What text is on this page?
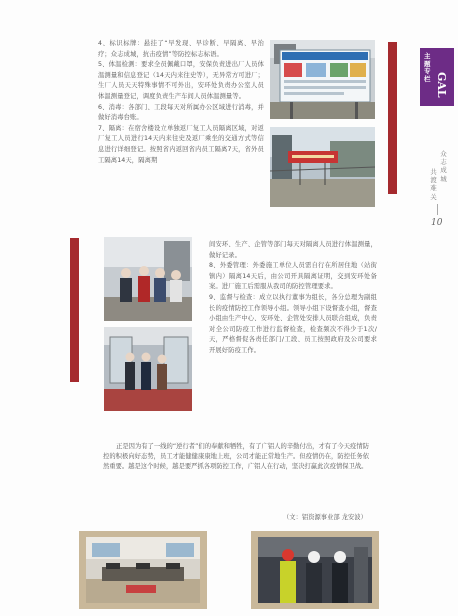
主题专栏 GAL
众志成城
共渡难关
10

4、标识标牌：悬挂了“早发现、早诊断、早隔离、早治疗；众志成城，抗击疫情”等防控标志标语。

5、体温检测：要求全员佩戴口罩，安保负责进出厂人员体温测量和信息登记（14天内来往史等），无异常方可进厂；生厂人员天天特殊事情不可外出，安环处负责办公室人员体温测量登记，调度负责生产车间人员体温测量等。

6、消毒：各部门、工段每天对所属办公区域进行消毒，并做好消毒台账。

7、隔离：在宿舍楼设立单独返厂复工人员隔离区域，对返厂复工人员进行14天内来往史及返厂乘坐的交通方式等信息进行详细登记。按照省内返回省内员工隔离7天，省外员工隔离14天，隔离期

间安环、生产、企管等部门每天对隔离人员进行体温测量，做好记录。

8、外委管理：外委施工单位人员需自行在所居住地（站街镇内）隔离14天后，由公司开具隔离证明，交到安环处备案。进厂施工后需服从我司的防控管理要求。

9、监督与检查：成立以执行董事为组长，各分总理为副组长的疫情防控工作领导小组。领导小组下设督查小组，督查小组由生产中心、安环处、企管处安排人员联合组成，负责对全公司防疫工作进行监督检查，检查频次不得少于1次/天，严格督促各责任部门/工段、员工按照政府及公司要求开展好防疫工作。

正是因为有了一线的“逆行者”们的奉献和牺牲，有了广铝人的辛勤付出，才有了今天疫情防控的积极向好态势，员工才能健健康康地上班，公司才能正常地生产。但疫情仍在，防控任务依然重要。越是这个时候，越是要严抓各项防控工作，广铝人在行动，坚决打赢此次疫情保卫战。
（文：铝资源事业部 龙安波）
